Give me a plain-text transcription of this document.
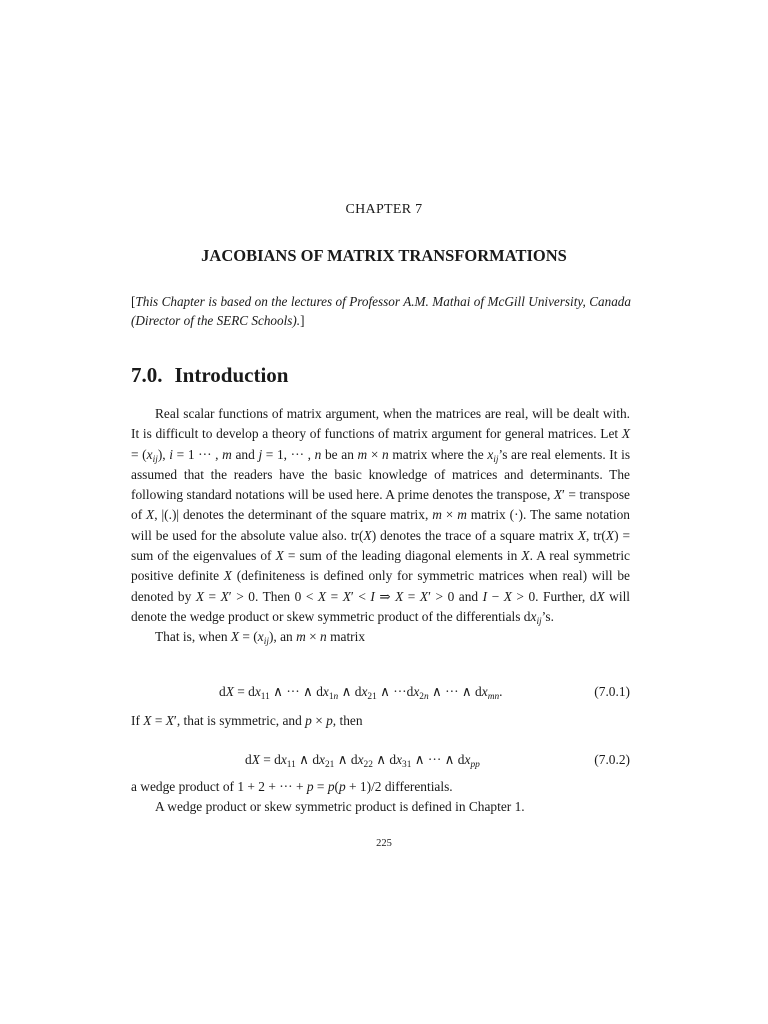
CHAPTER 7
JACOBIANS OF MATRIX TRANSFORMATIONS
[This Chapter is based on the lectures of Professor A.M. Mathai of McGill University, Canada (Director of the SERC Schools).]
7.0. Introduction

Real scalar functions of matrix argument, when the matrices are real, will be dealt with. It is difficult to develop a theory of functions of matrix argument for general matrices. Let $X = (x_{ij})$, i = 1 ··· , m and j = 1, ··· , n be an m × n matrix where the $x_{ij}’s$ are real elements. It is assumed that the readers have the basic knowledge of matrices and determinants. The following standard notations will be used here. A prime denotes the transpose, X′ = transpose of X, |(.)| denotes the determinant of the square matrix, m × m matrix (·). The same notation will be used for the absolute value also. tr(X) denotes the trace of a square matrix X, tr(X) = sum of the eigenvalues of X = sum of the leading diagonal elements in X. A real symmetric positive definite X (definiteness is defined only for symmetric matrices when real) will be denoted by X = X′ > 0. Then 0 < X = X′ < I ⇒ X = X′ > 0 and I − X > 0. Further, dX will denote the wedge product or skew symmetric product of the differentials $dx_{ij}’s$.

That is, when $X = (x_{ij})$, an m × n matrix

dX = $dx_{11}$ ∧ ··· ∧ $dx_{1n}$ ∧ $dx_{21}$ ∧ $\cdot\cdot\cdot dx_{2n}$ ∧ ··· ∧ $dx_{mn}$.	(7.0.1)
If X = X′, that is symmetric, and p × p, then
dX = $dx_{11}$ ∧ $dx_{21}$ ∧ $dx_{22}$ ∧ $dx_{31}$ ∧ ··· ∧ $dx_{pp}$	(7.0.2)
a wedge product of 1 + 2 + ··· + p = p(p + 1)/2 differentials.
A wedge product or skew symmetric product is defined in Chapter 1.
225
